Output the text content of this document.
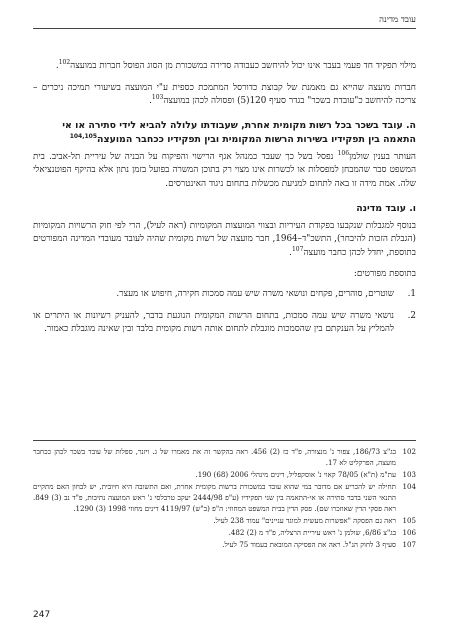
עובד מדינה

מילוי תפקיד חד פעמי בעבר אינו יכול להיחשב כעבודה סדירה במשכורת מן הסוג הפוסל חברות במועצה$^{102}$.

חברות מועצה שהייא גם מאמנת של קבוצת כדורסל המתמכת כספית ע"י המועצה בשיעורי תמיכה ניכרים – צריכה להיחשב כ"עובדת בשכר" בגדר סעיף 120(5) ופסולה לכהן במועצה$^{103}$.

ה. עובד בשכר בכל רשות מקומית אחרת, שעבודתו עלולה להביא לידי סתירה או אי התאמה בין תפקידיו בשירות הרשות המקומית ובין תפקידיו ככחבר המועצה$^{104,105}$

העותר בענין שולמן$^{106}$ נפסל בשל כך שעבד כמנהל אגף הרישוי והפיקוח על הבניה של עיריית תל-אביב. בית המשפט סבר שהמבחן למפסלות או לכשרות אינו מצוי רק בתוכן המשרה בפועל בזמן נתון אלא בהיקף הפוטנציאלי שלה. אמת מידה זו באה לתחום למניעת מכשלות בתחום ניגוד האינטרסים.

ו. עובד מדינה

בנוסף למגבלות שנקבעו בפקודת העיריות ובצווי המועצות המקומיות (ראה לעיל), הרי לפי חוק הרשויות המקומיות (הגבלת הזכות להיבחר), התשכ"ד–1964, חבר מועצה של רשות מקומית שהיה לעובד מעובדי המדינה המפורטים בתוספת, יחדל לכהן כחבר מועצה$^{107}$.

בתוספת מפורטים:

1.
שוטרים, סוהרים, פקחים ונושאי משרה שיש עמה סמכות חקירה, חיפוש או מעצר.
2.
נושאי משרה שיש עמה סמכות, בתחום הרשות המקומית הנוגעת בדבר, להעניק רשיונות או היתרים או להמליץ על הענקתם בין שהסמכות מוגבלת לתחום אותה רשות מקומית בלבד ובין שאינה מוגבלת כאמור.
102
בג"צ 186/73, צפור נ' מנצורה, פ"ד כז (2) 456. ראה בהקשר זה את מאמרו של ג. ויזנר, ספלות של עובד בשכר לכהן ככחבר מועצה, הפרקליט לא 17.
103
עת"מ (ת"א) 78/05 קאוי נ' אוסקפליל, דינים מינהלי 2006 (68) 190.
104
תחילה יש להכריע אם מדובר במי שהוא עובד במשכורת ברשות מקומית אחרת, ואם התשובה היא חיובית, יש לבחון האם מתקיים התנאי השני בדבר סתירה או אי-התאמה בין שני תפקידיו (ע"פ 2444/98 יעקב טרבלסי נ' ראש המועצה נתיבות, פ"ד נב (3) 849. ראה פסקי הדין שאוזכרו שם). פסק הדין בבית המשפט המחוזי: ה"פ (ב"ש) 4119/97 דינים מחוזי 1998 (3) 1290.
105
ראה גם הפסקה "אפשרות מעשית למוגד עניינים" עמוד 238 לעיל.
106
בג"צ 6/86, שולמן נ' ראש עיריית הרצליה, פ"ד מ (2) 482.
107
סעיף 3 לחוק הנ"ל. ראה את הפסיקה המובאת בעמוד 75 לעיל.
247
